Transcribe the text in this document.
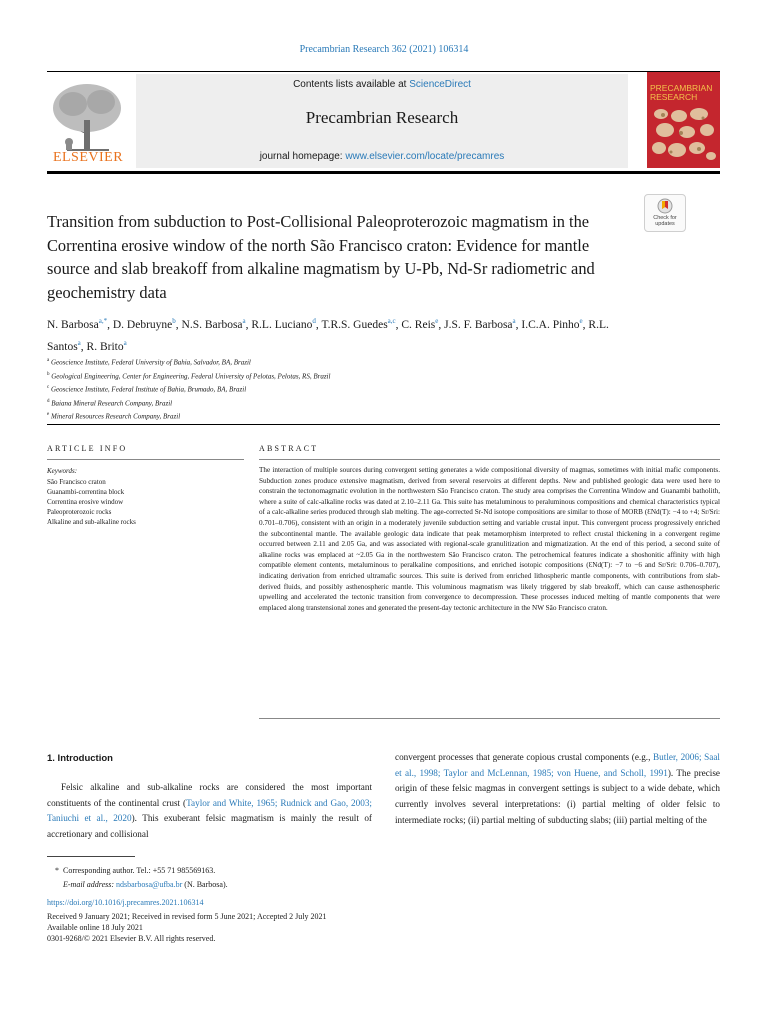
Precambrian Research 362 (2021) 106314
ELSEVIER
Contents lists available at ScienceDirect
Precambrian Research
journal homepage: www.elsevier.com/locate/precamres
PRECAMBRIAN RESEARCH
Check for updates
Transition from subduction to Post-Collisional Paleoproterozoic magmatism in the Correntina erosive window of the north São Francisco craton: Evidence for mantle source and slab breakoff from alkaline magmatism by U-Pb, Nd-Sr radiometric and geochemistry data
N. Barbosa$^{a,*}$, D. Debruyne$^b$, N.S. Barbosa$^a$, R.L. Luciano$^d$, T.R.S. Guedes$^{a,c}$, C. Reis$^e$, J.S. F. Barbosa$^a$, I.C.A. Pinho$^e$, R.L. Santos$^a$, R. Brito$^a$
$^a$ Geoscience Institute, Federal University of Bahia, Salvador, BA, Brazil
$^b$ Geological Engineering, Center for Engineering, Federal University of Pelotas, Pelotas, RS, Brazil
$^c$ Geoscience Institute, Federal Institute of Bahia, Brumado, BA, Brazil
$^d$ Baiana Mineral Research Company, Brazil
$^e$ Mineral Resources Research Company, Brazil
ARTICLE INFO
Keywords:
São Francisco craton
Guanambi-correntina block
Correntina erosive window
Paleoproterozoic rocks
Alkaline and sub-alkaline rocks
ABSTRACT
The interaction of multiple sources during convergent setting generates a wide compositional diversity of magmas, sometimes with initial mafic components. Subduction zones produce extensive magmatism, derived from several reservoirs at different depths. New and published geologic data were used here to constrain the tectonomagmatic evolution in the northwestern São Francisco craton. The study area comprises the Correntina Window and Guanambi batholith, where a suite of calc-alkaline rocks was dated at 2.10–2.11 Ga. This suite has metaluminous to peraluminous compositions and chemical characteristics typical of a calc-alkaline series produced through slab melting. The age-corrected Sr-Nd isotope compositions are similar to those of MORB (ƐNd(T): −4 to +4; Sr/Sri: 0.701–0.706), consistent with an origin in a moderately juvenile subduction setting and variable crustal input. This convergent process progressively enriched the subcontinental mantle. The available geologic data indicate that peak metamorphism interpreted to reflect crustal thickening in a convergent regime occurred between 2.11 and 2.05 Ga, and was associated with regional-scale granulitization and migmatization. At the end of this period, a second suite of alkaline rocks was emplaced at ~2.05 Ga in the northwestern São Francisco craton. The petrochemical features indicate a shoshonitic affinity with high compatible element contents, metaluminous to peralkaline compositions, and enriched isotopic compositions (ƐNd(T): −7 to −6 and Sr/Sri: 0.706–0.707), indicating derivation from enriched ultramafic sources. This suite is derived from enriched lithospheric mantle components, with contributions from slab-derived fluids, and possibly asthenospheric mantle. This voluminous magmatism was likely triggered by slab breakoff, which can cause asthenospheric upwelling and accelerated the tectonic transition from convergence to decompression. These processes induced melting of mantle components that were emplaced along transtensional zones and generated the present-day tectonic architecture in the NW São Francisco craton.
1. Introduction
Felsic alkaline and sub-alkaline rocks are considered the most important constituents of the continental crust (Taylor and White, 1965; Rudnick and Gao, 2003; Taniuchi et al., 2020). This exuberant felsic magmatism is mainly the result of accretionary and collisional
convergent processes that generate copious crustal components (e.g., Butler, 2006; Saal et al., 1998; Taylor and McLennan, 1985; von Huene, and Scholl, 1991). The precise origin of these felsic magmas in convergent settings is subject to a wide debate, which currently involves several interpretations: (i) partial melting of older felsic to intermediate rocks; (ii) partial melting of subducting slabs; (iii) partial melting of the
* Corresponding author. Tel.: +55 71 985569163.
E-mail address: ndsbarbosa@ufba.br (N. Barbosa).
https://doi.org/10.1016/j.precamres.2021.106314
Received 9 January 2021; Received in revised form 5 June 2021; Accepted 2 July 2021
Available online 18 July 2021
0301-9268/© 2021 Elsevier B.V. All rights reserved.
